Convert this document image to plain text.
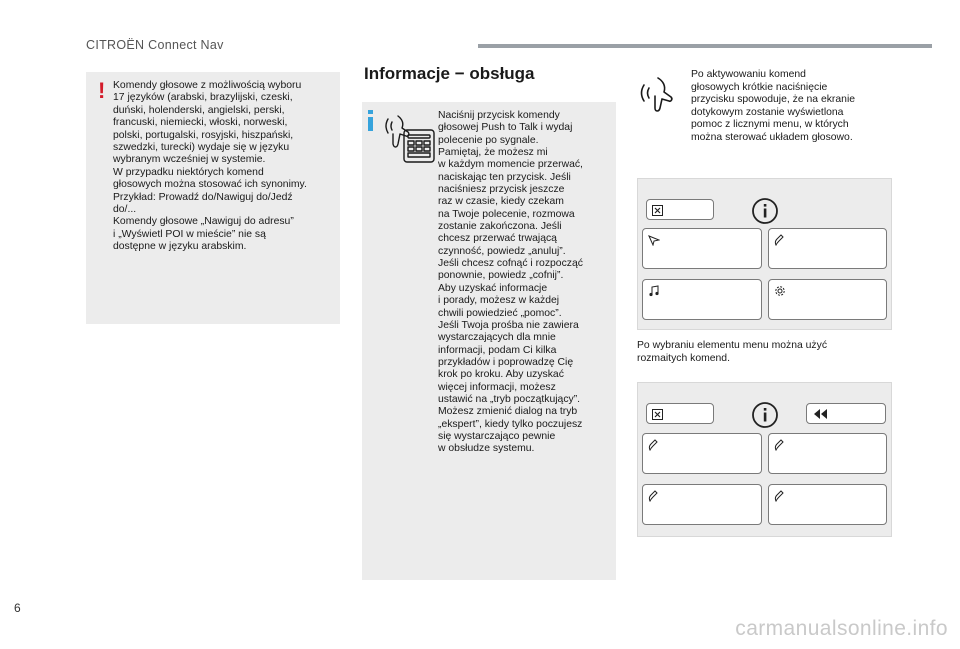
CITROËN Connect Nav
! Komendy głosowe z możliwością wyboru
17 języków (arabski, brazylijski, czeski,
duński, holenderski, angielski, perski,
francuski, niemiecki, włoski, norweski,
polski, portugalski, rosyjski, hiszpański,
szwedzki, turecki) wydaje się w języku
wybranym wcześniej w systemie.
W przypadku niektórych komend
głosowych można stosować ich synonimy.
Przykład: Prowadź do/Nawiguj do/Jedź
do/...
Komendy głosowe „Nawiguj do adresu”
i „Wyświetl POI w mieście” nie są
dostępne w języku arabskim.
Informacje − obsługa
Naciśnij przycisk komendy
głosowej Push to Talk i wydaj
polecenie po sygnale.
Pamiętaj, że możesz mi
w każdym momencie przerwać,
naciskając ten przycisk. Jeśli
naciśniesz przycisk jeszcze
raz w czasie, kiedy czekam
na Twoje polecenie, rozmowa
zostanie zakończona. Jeśli
chcesz przerwać trwającą
czynność, powiedz „anuluj”.
Jeśli chcesz cofnąć i rozpocząć
ponownie, powiedz „cofnij”.
Aby uzyskać informacje
i porady, możesz w każdej
chwili powiedzieć „pomoc”.
Jeśli Twoja prośba nie zawiera
wystarczających dla mnie
informacji, podam Ci kilka
przykładów i poprowadzę Cię
krok po kroku. Aby uzyskać
więcej informacji, możesz
ustawić na „tryb początkujący”.
Możesz zmienić dialog na tryb
„ekspert”, kiedy tylko poczujesz
się wystarczająco pewnie
w obsłudze systemu.
Po aktywowaniu komend
głosowych krótkie naciśnięcie
przycisku spowoduje, że na ekranie
dotykowym zostanie wyświetlona
pomoc z licznymi menu, w których
można sterować układem głosowo.
Po wybraniu elementu menu można użyć
rozmaitych komend.
6
carmanualsonline.info
